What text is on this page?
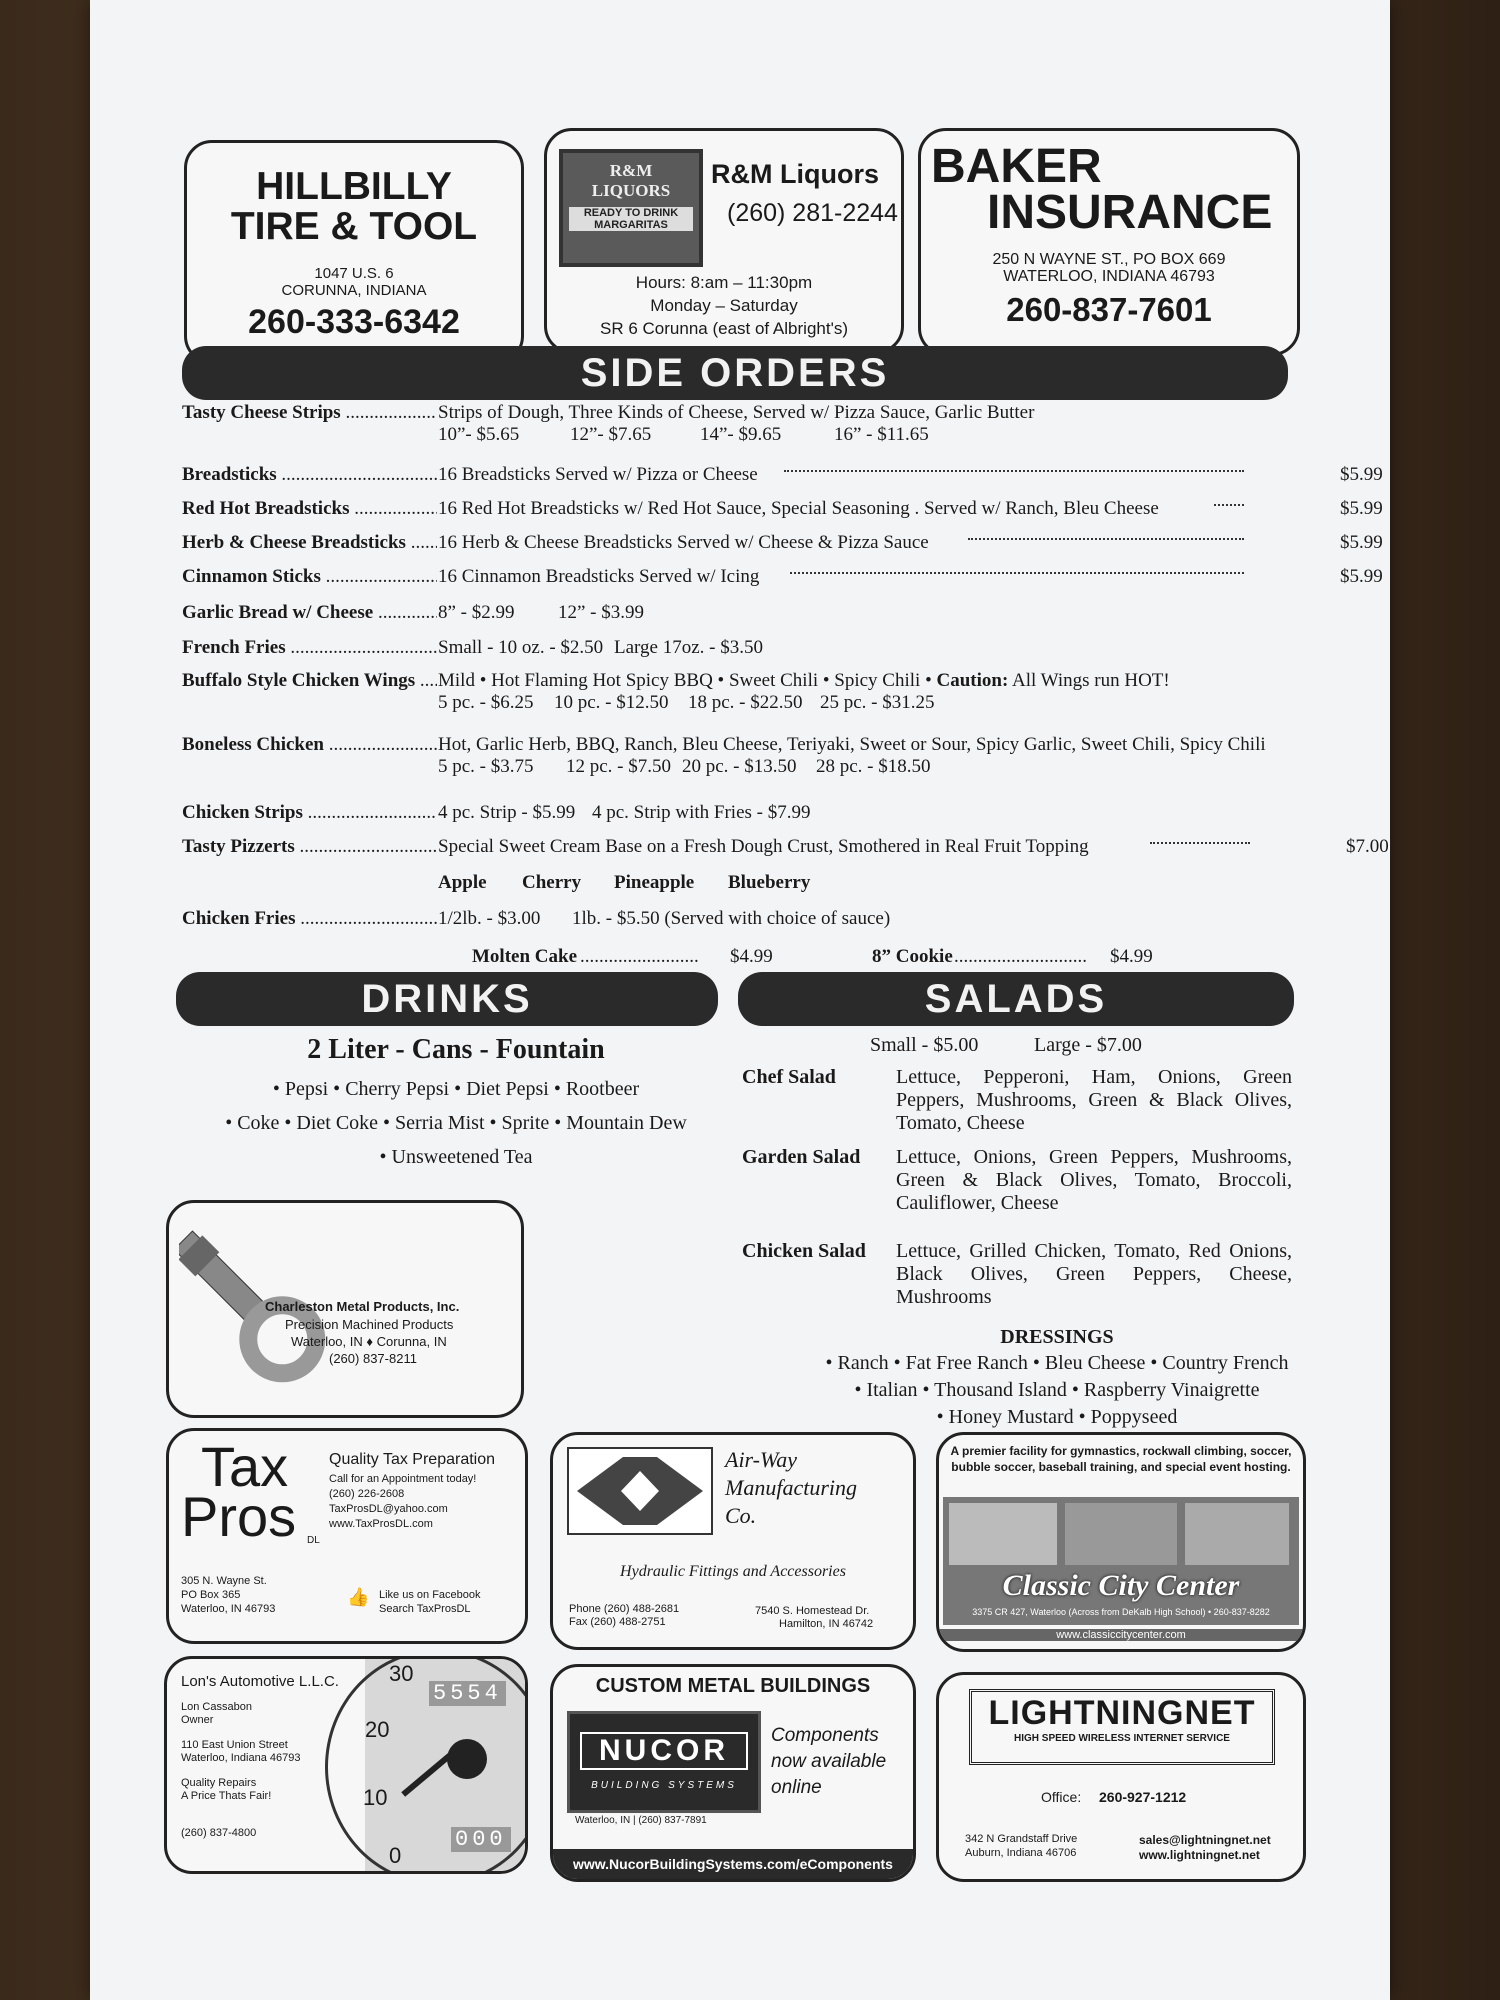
HILLBILLY
TIRE & TOOL
1047 U.S. 6
CORUNNA, INDIANA
260-333-6342
R&M
LIQUORS
READY TO DRINK
MARGARITAS
R&M Liquors
(260) 281-2244
Hours: 8:am – 11:30pm
Monday – Saturday
SR 6 Corunna (east of Albright's)
BAKER
INSURANCE
250 N WAYNE ST., PO BOX 669
WATERLOO, INDIANA 46793
260-837-7601
SIDE ORDERS
Tasty Cheese Strips .....	Strips of Dough, Three Kinds of Cheese, Served w/ Pizza Sauce, Garlic Butter
10”- $5.65	12”- $7.65	14”- $9.65	16” - $11.65
Breadsticks .....	16 Breadsticks Served w/ Pizza or Cheese	$5.99
Red Hot Breadsticks .....	16 Red Hot Breadsticks w/ Red Hot Sauce, Special Seasoning . Served w/ Ranch, Bleu Cheese	$5.99
Herb & Cheese Breadsticks .....	16 Herb & Cheese Breadsticks Served w/ Cheese & Pizza Sauce	$5.99
Cinnamon Sticks .....	16 Cinnamon Breadsticks Served w/ Icing	$5.99
Garlic Bread w/ Cheese .....	8” - $2.99 12” - $3.99
French Fries .....	Small - 10 oz. - $2.50 Large 17oz. - $3.50
Buffalo Style Chicken Wings .....	Mild • Hot Flaming Hot Spicy BBQ • Sweet Chili • Spicy Chili • Caution: All Wings run HOT!
5 pc. - $6.25 10 pc. - $12.50 18 pc. - $22.50 25 pc. - $31.25
Boneless Chicken .....	Hot, Garlic Herb, BBQ, Ranch, Bleu Cheese, Teriyaki, Sweet or Sour, Spicy Garlic, Sweet Chili, Spicy Chili
5 pc. - $3.75 12 pc. - $7.50 20 pc. - $13.50 28 pc. - $18.50
Chicken Strips .....	4 pc. Strip - $5.99 4 pc. Strip with Fries - $7.99
Tasty Pizzerts .....	Special Sweet Cream Base on a Fresh Dough Crust, Smothered in Real Fruit Topping	$7.00
Apple Cherry Pineapple Blueberry
Chicken Fries .....	1/2lb. - $3.00 1lb. - $5.50 (Served with choice of sauce)
Molten Cake ......................... $4.99	8” Cookie ............................ $4.99
DRINKS
2 Liter - Cans - Fountain
• Pepsi • Cherry Pepsi • Diet Pepsi • Rootbeer
• Coke • Diet Coke • Serria Mist • Sprite • Mountain Dew
• Unsweetened Tea
SALADS
Small - $5.00	Large - $7.00
Chef Salad	Lettuce, Pepperoni, Ham, Onions, Green Peppers, Mushrooms, Green & Black Olives, Tomato, Cheese
Garden Salad Lettuce, Onions, Green Peppers, Mushrooms, Green & Black Olives, Tomato, Broccoli, Cauliflower, Cheese
Chicken Salad Lettuce, Grilled Chicken, Tomato, Red Onions, Black Olives, Green Peppers, Cheese, Mushrooms
DRESSINGS
• Ranch • Fat Free Ranch • Bleu Cheese • Country French
• Italian • Thousand Island • Raspberry Vinaigrette
• Honey Mustard • Poppyseed
Charleston Metal Products, Inc.
Precision Machined Products
Waterloo, IN ♦ Corunna, IN
(260) 837-8211
Tax
Pros DL
Quality Tax Preparation
Call for an Appointment today!
(260) 226-2608
TaxProsDL@yahoo.com
www.TaxProsDL.com
305 N. Wayne St.
PO Box 365
Waterloo, IN 46793
👍 Like us on Facebook
Search TaxProsDL
Air-Way
Manufacturing
Co.
Hydraulic Fittings and Accessories
Phone (260) 488-2681
Fax (260) 488-2751
7540 S. Homestead Dr.
Hamilton, IN 46742
A premier facility for gymnastics, rockwall climbing, soccer, bubble soccer, baseball training, and special event hosting.
Classic City Center
3375 CR 427, Waterloo (Across from DeKalb High School) • 260-837-8282
www.classiccitycenter.com
Lon's Automotive L.L.C.
Lon Cassabon
Owner
110 East Union Street
Waterloo, Indiana 46793
Quality Repairs
A Price Thats Fair!
(260) 837-4800
30
20
10
0
5554
000
CUSTOM METAL BUILDINGS
NUCOR
BUILDING SYSTEMS
Components
now available
online
Waterloo, IN | (260) 837-7891
www.NucorBuildingSystems.com/eComponents
LIGHTNINGNET
HIGH SPEED WIRELESS INTERNET SERVICE
Office: 260-927-1212
342 N Grandstaff Drive
Auburn, Indiana 46706
sales@lightningnet.net
www.lightningnet.net
